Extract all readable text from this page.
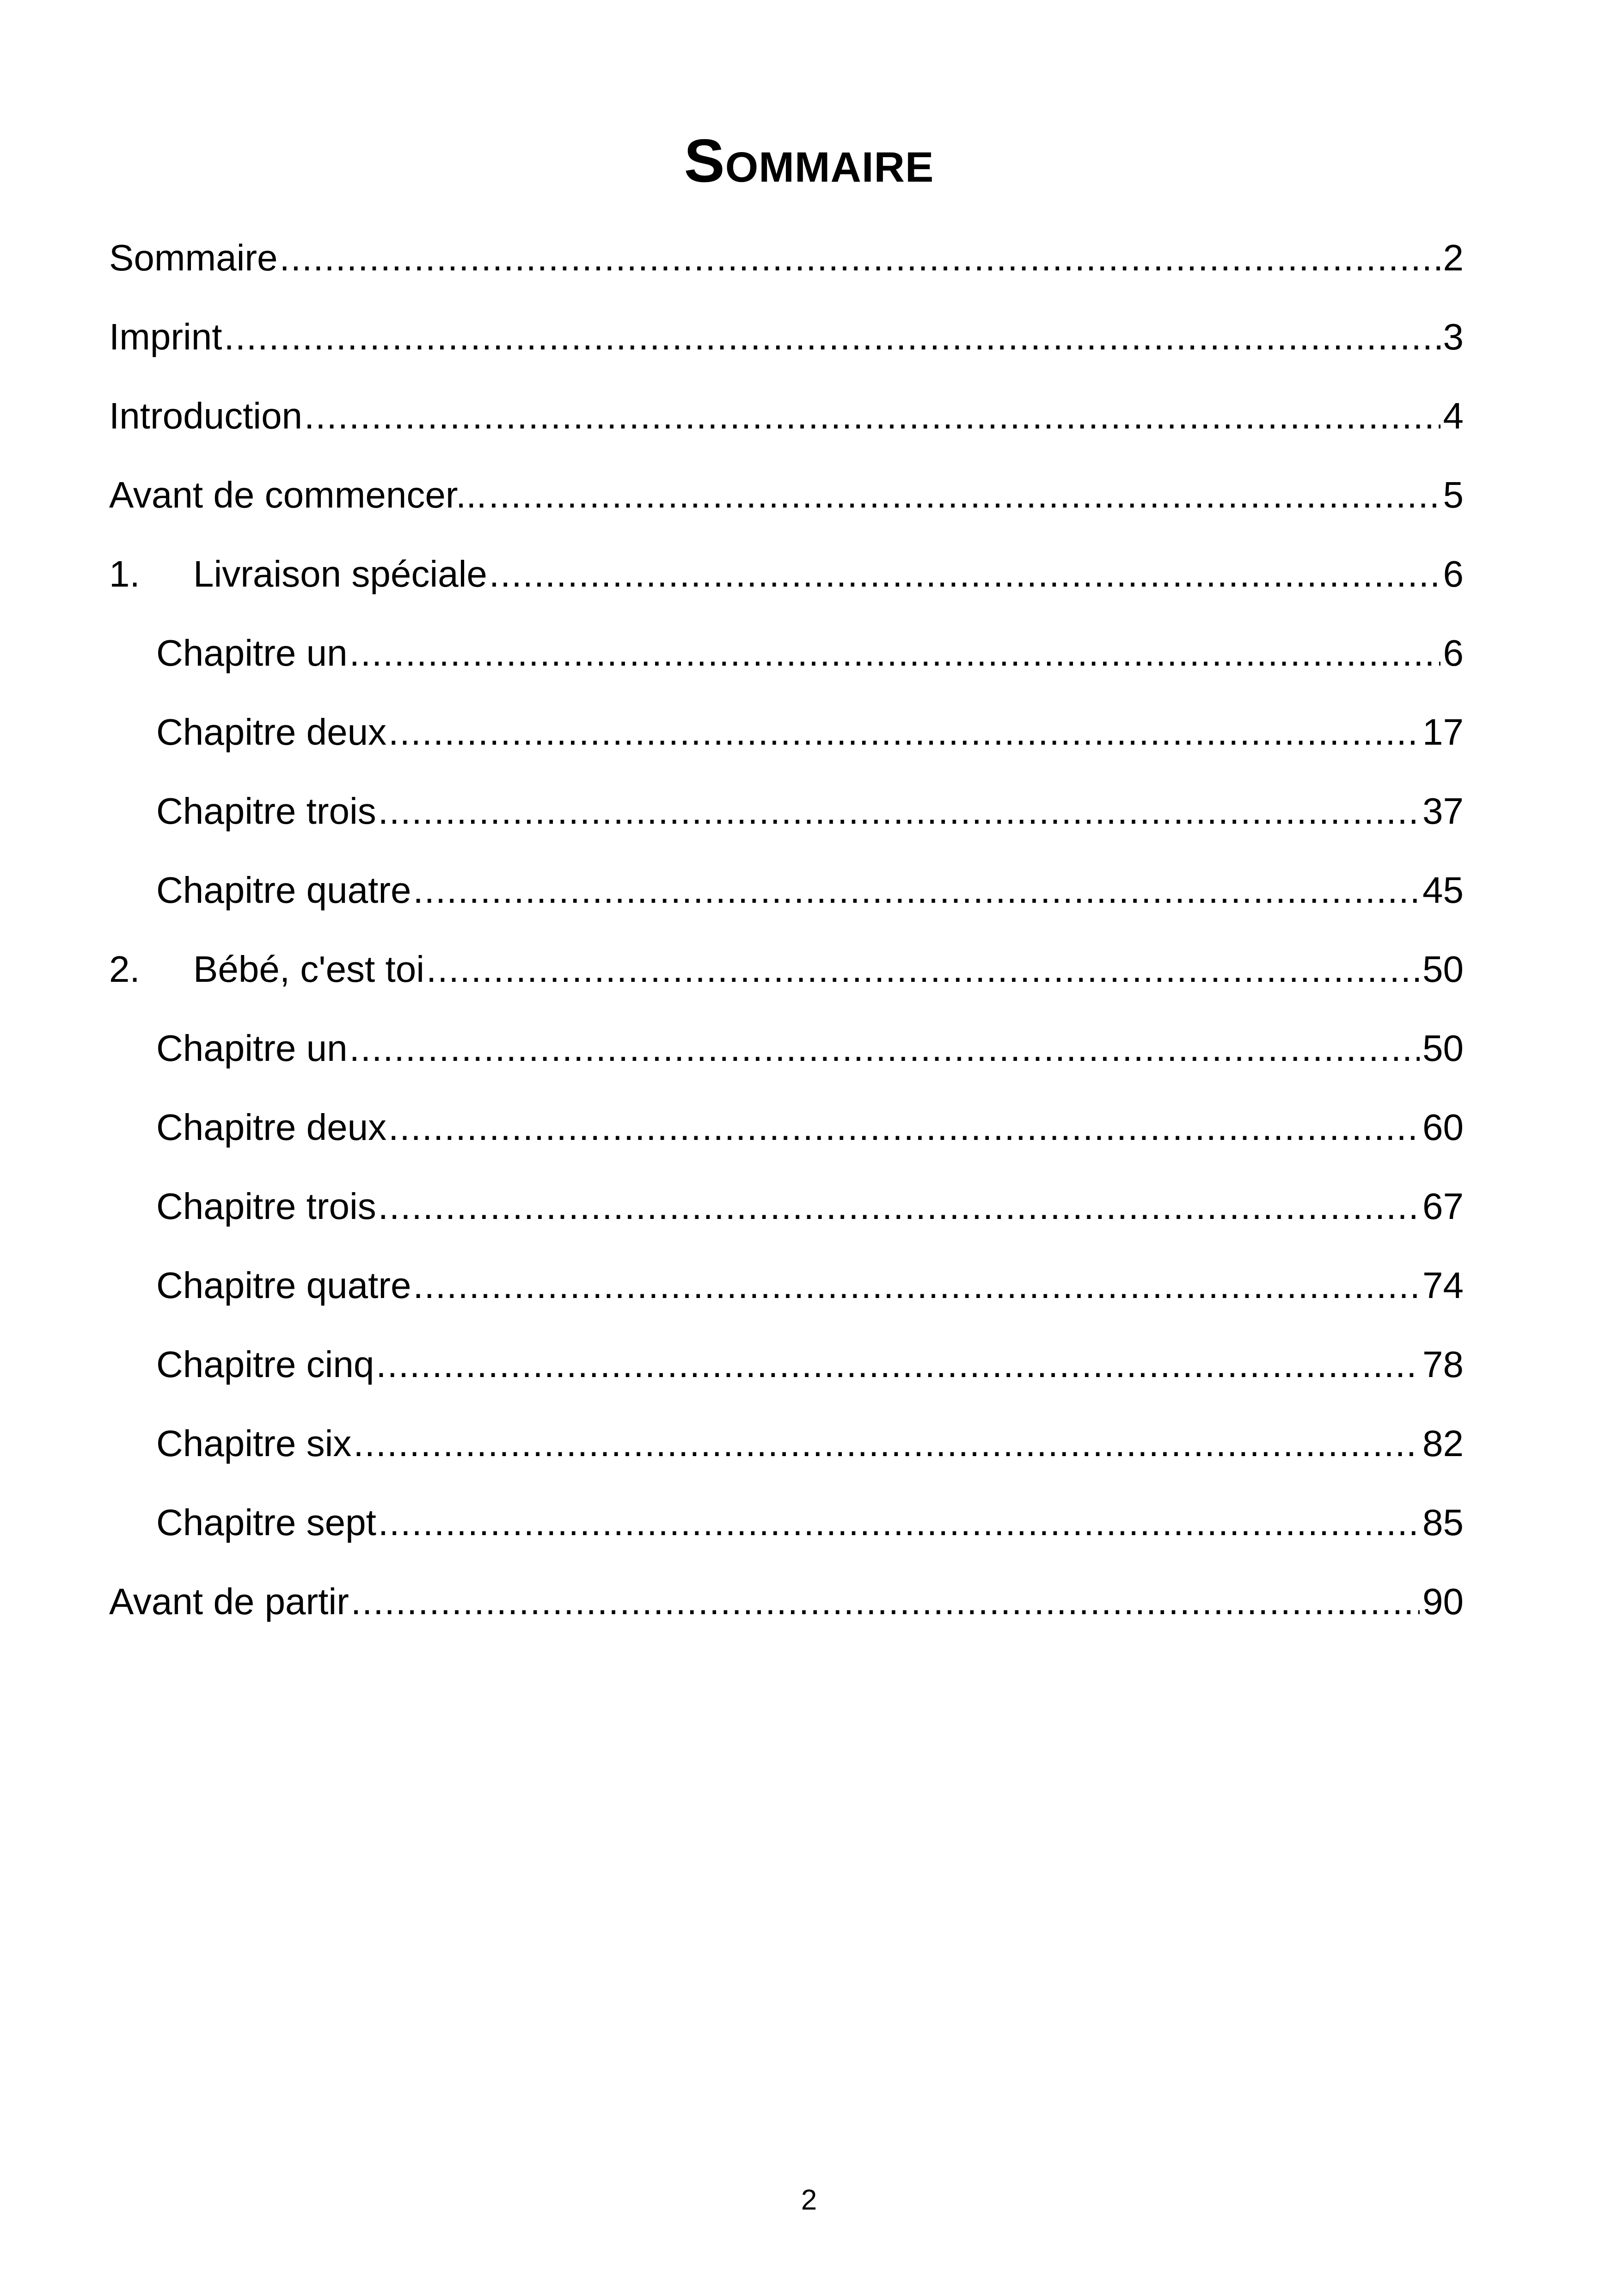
Sommaire
Sommaire .....	2
Imprint .....	3
Introduction .....	4
Avant de commencer... .....	5
1.	Livraison spéciale .....	6
Chapitre un .....	6
Chapitre deux .....	17
Chapitre trois .....	37
Chapitre quatre .....	45
2.	Bébé, c'est toi .....	50
Chapitre un .....	50
Chapitre deux .....	60
Chapitre trois .....	67
Chapitre quatre .....	74
Chapitre cinq .....	78
Chapitre six .....	82
Chapitre sept .....	85
Avant de partir .....	90
2
